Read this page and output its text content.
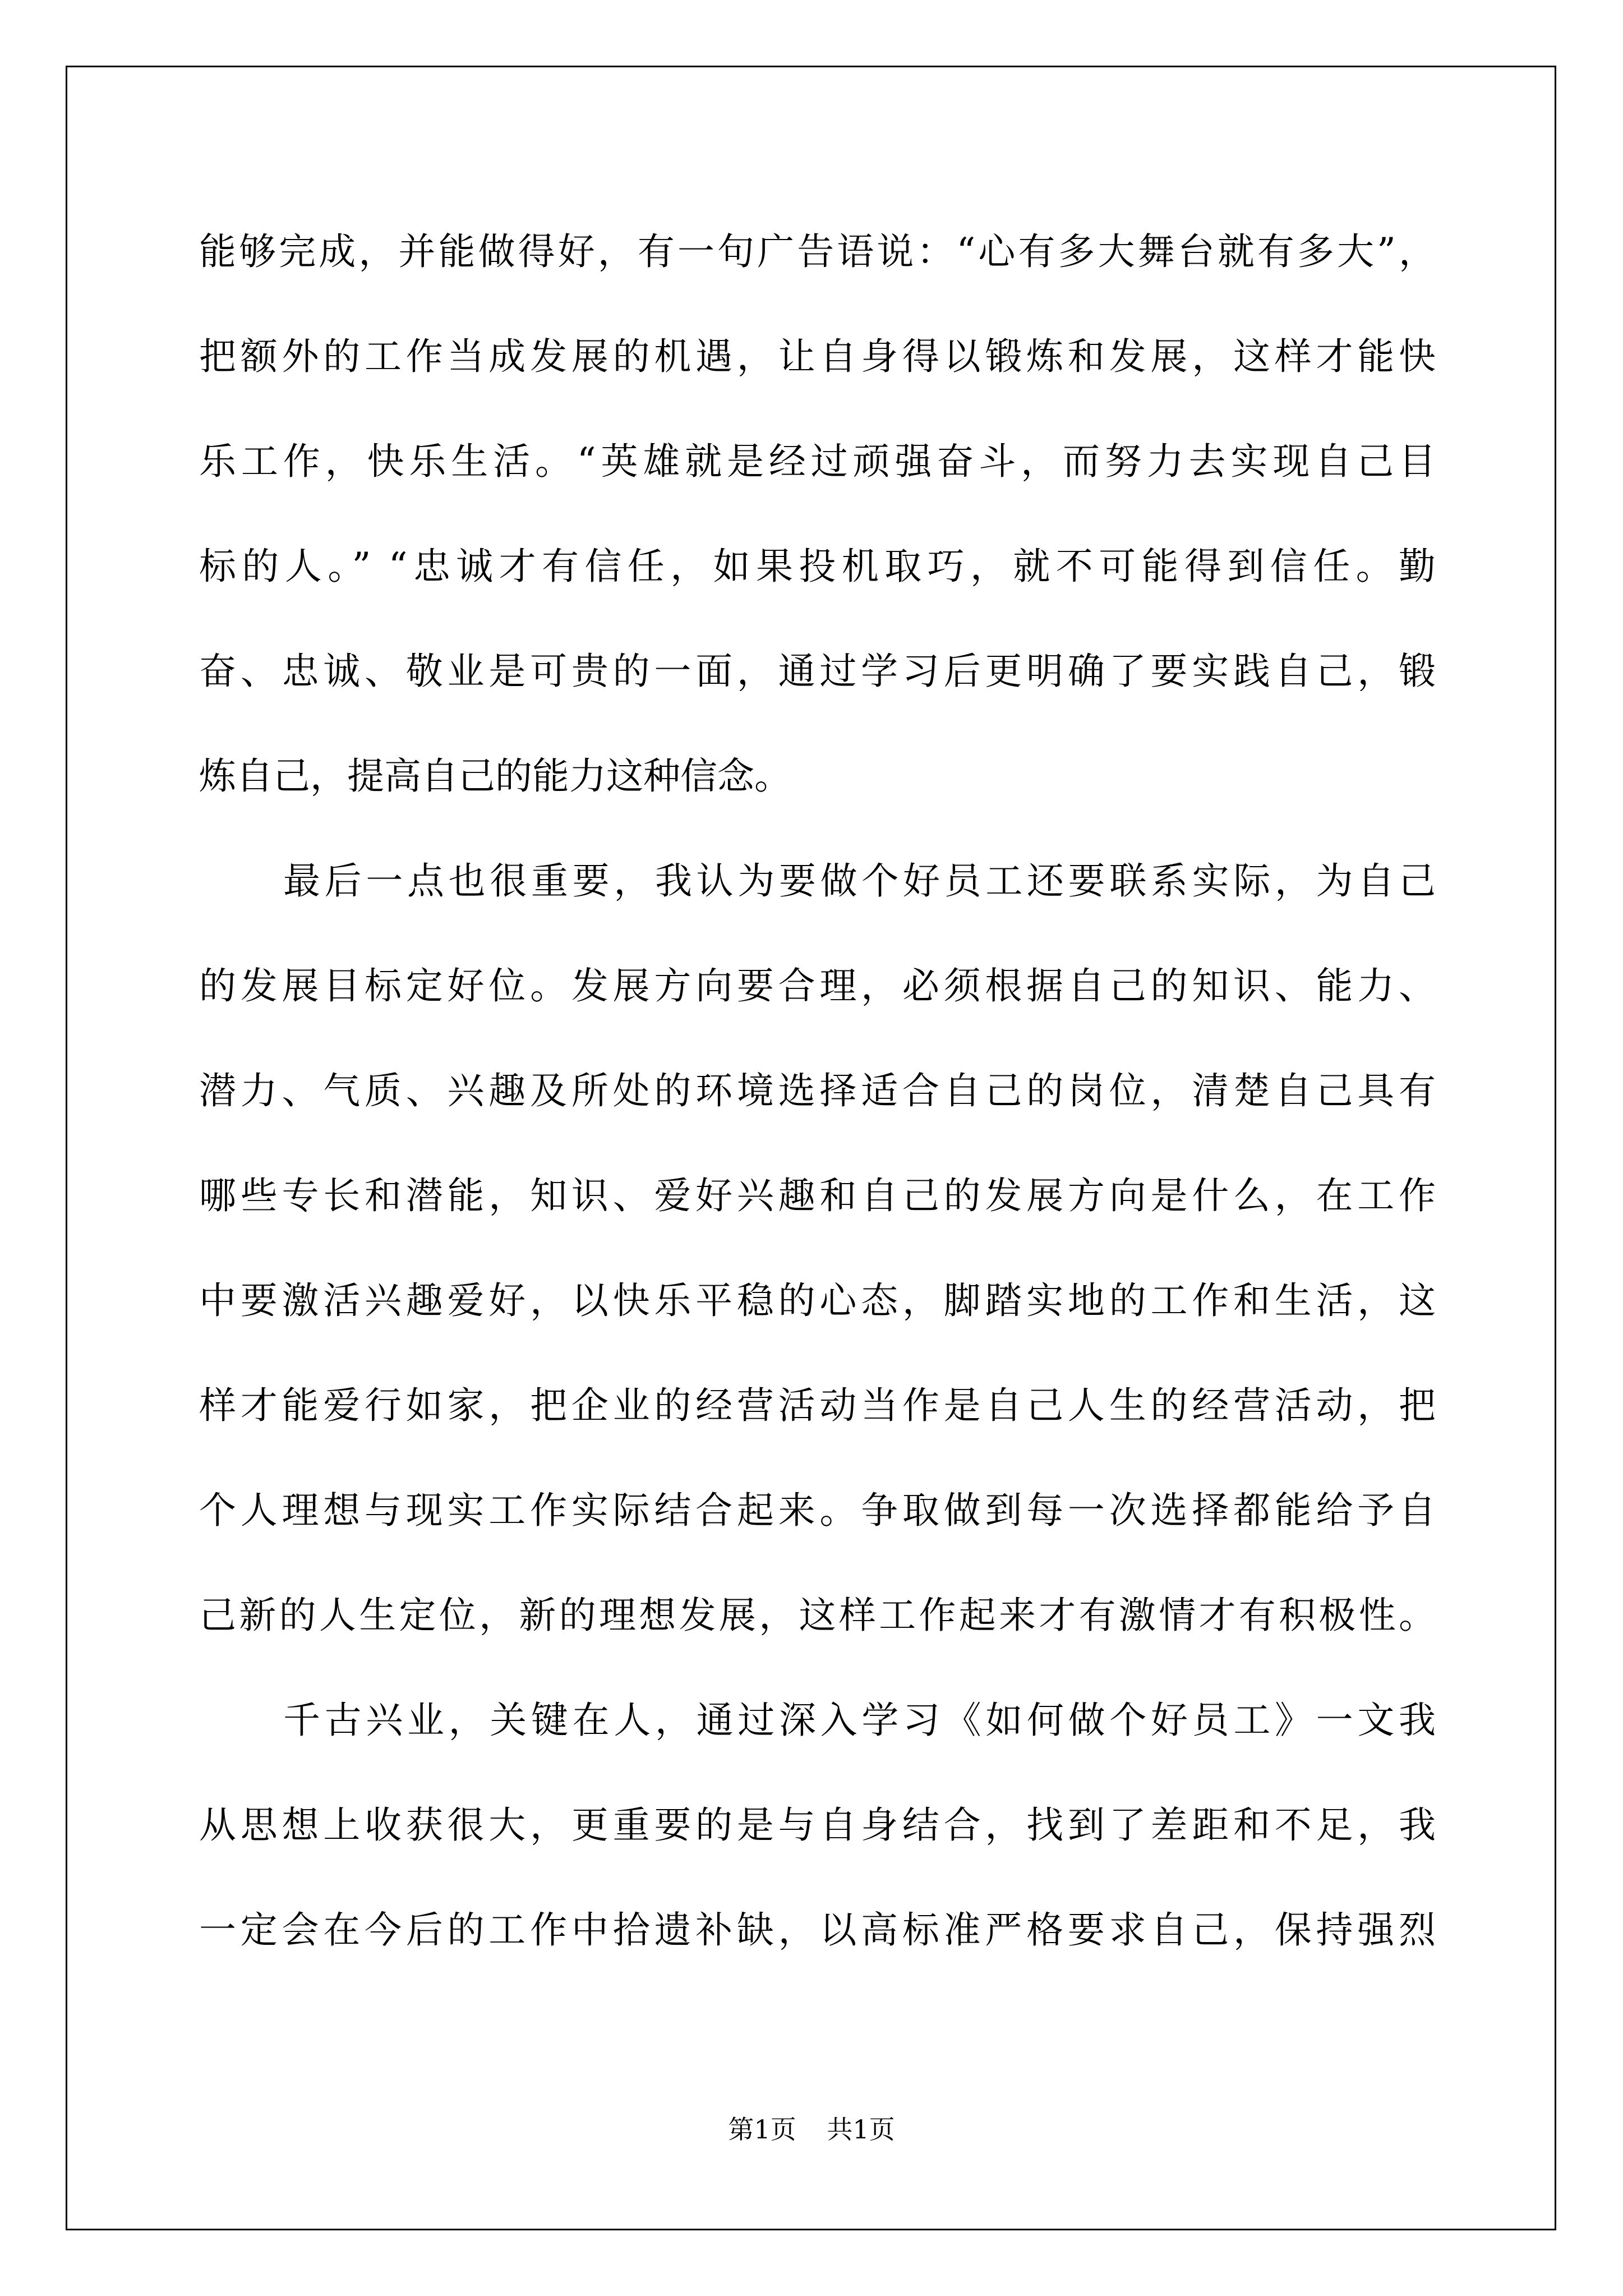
能够完成，并能做得好，有一句广告语说：“心有多大舞台就有多大”，
把额外的工作当成发展的机遇，让自身得以锻炼和发展，这样才能快
乐工作，快乐生活。“英雄就是经过顽强奋斗，而努力去实现自己目
标的人。” “忠诚才有信任，如果投机取巧，就不可能得到信任。勤
奋、忠诚、敬业是可贵的一面，通过学习后更明确了要实践自己，锻
炼自己，提高自己的能力这种信念。
最后一点也很重要，我认为要做个好员工还要联系实际，为自己
的发展目标定好位。发展方向要合理，必须根据自己的知识、能力、
潜力、气质、兴趣及所处的环境选择适合自己的岗位，清楚自己具有
哪些专长和潜能，知识、爱好兴趣和自己的发展方向是什么，在工作
中要激活兴趣爱好，以快乐平稳的心态，脚踏实地的工作和生活，这
样才能爱行如家，把企业的经营活动当作是自己人生的经营活动，把
个人理想与现实工作实际结合起来。争取做到每一次选择都能给予自
己新的人生定位，新的理想发展，这样工作起来才有激情才有积极性。
千古兴业，关键在人，通过深入学习《如何做个好员工》一文我
从思想上收获很大，更重要的是与自身结合，找到了差距和不足，我
一定会在今后的工作中拾遗补缺，以高标准严格要求自己，保持强烈
第1页 共1页
